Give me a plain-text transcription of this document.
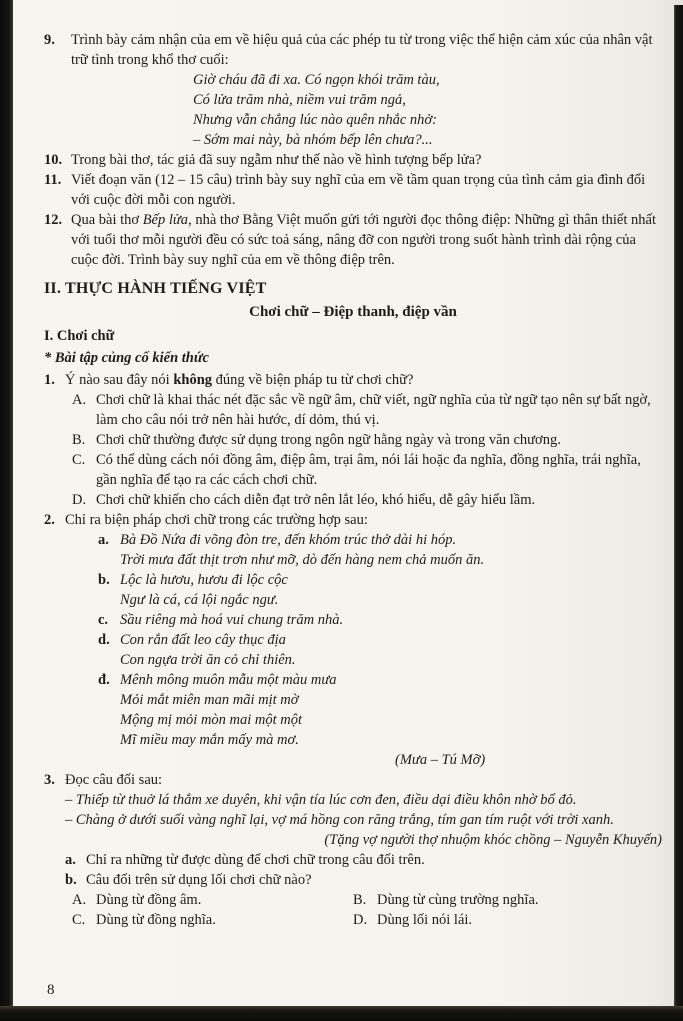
9.	Trình bày cảm nhận của em về hiệu quả của các phép tu từ trong việc thể hiện cảm xúc của nhân vật trữ tình trong khổ thơ cuối:
Giờ cháu đã đi xa. Có ngọn khói trăm tàu,
Có lửa trăm nhà, niềm vui trăm ngả,
Nhưng vẫn chẳng lúc nào quên nhắc nhở:
– Sớm mai này, bà nhóm bếp lên chưa?...
10. Trong bài thơ, tác giả đã suy ngẫm như thế nào về hình tượng bếp lửa?
11. Viết đoạn văn (12 – 15 câu) trình bày suy nghĩ của em về tầm quan trọng của tình cảm gia đình đối với cuộc đời mỗi con người.
12. Qua bài thơ Bếp lửa, nhà thơ Bằng Việt muốn gửi tới người đọc thông điệp: Những gì thân thiết nhất với tuổi thơ mỗi người đều có sức toả sáng, nâng đỡ con người trong suốt hành trình dài rộng của cuộc đời. Trình bày suy nghĩ của em về thông điệp trên.
II. THỰC HÀNH TIẾNG VIỆT
Chơi chữ – Điệp thanh, điệp vần
I. Chơi chữ
* Bài tập củng cố kiến thức
1. Ý nào sau đây nói không đúng về biện pháp tu từ chơi chữ?
A. Chơi chữ là khai thác nét đặc sắc về ngữ âm, chữ viết, ngữ nghĩa của từ ngữ tạo nên sự bất ngờ, làm cho câu nói trở nên hài hước, dí dỏm, thú vị.
B. Chơi chữ thường được sử dụng trong ngôn ngữ hằng ngày và trong văn chương.
C. Có thể dùng cách nói đồng âm, điệp âm, trại âm, nói lái hoặc đa nghĩa, đồng nghĩa, trái nghĩa, gần nghĩa để tạo ra các cách chơi chữ.
D. Chơi chữ khiến cho cách diễn đạt trở nên lắt léo, khó hiểu, dễ gây hiểu lầm.
2. Chỉ ra biện pháp chơi chữ trong các trường hợp sau:
a. Bà Đồ Nứa đi võng đòn tre, đến khóm trúc thở dài hi hóp.
Trời mưa đất thịt trơn như mỡ, dò đến hàng nem chả muốn ăn.
b. Lộc là hươu, hươu đi lộc cộc
Ngư là cá, cá lội ngắc ngư.
c. Sầu riêng mà hoá vui chung trăm nhà.
d. Con rắn đất leo cây thục địa
Con ngựa trời ăn cỏ chỉ thiên.
đ. Mênh mông muôn mẫu một màu mưa
Mỏi mắt miên man mãi mịt mờ
Mộng mị mỏi mòn mai một một
Mĩ miều may mắn mấy mà mơ.
(Mưa – Tú Mỡ)
3. Đọc câu đối sau:
– Thiếp từ thuở lá thắm xe duyên, khi vận tía lúc cơn đen, điều dại điều khôn nhờ bố đỏ.
– Chàng ở dưới suối vàng nghĩ lại, vợ má hồng con răng trắng, tím gan tím ruột với trời xanh.
(Tặng vợ người thợ nhuộm khóc chồng – Nguyễn Khuyến)
a. Chỉ ra những từ được dùng để chơi chữ trong câu đối trên.
b. Câu đối trên sử dụng lối chơi chữ nào?
A. Dùng từ đồng âm.	B. Dùng từ cùng trường nghĩa.
C. Dùng từ đồng nghĩa.	D. Dùng lối nói lái.
8
